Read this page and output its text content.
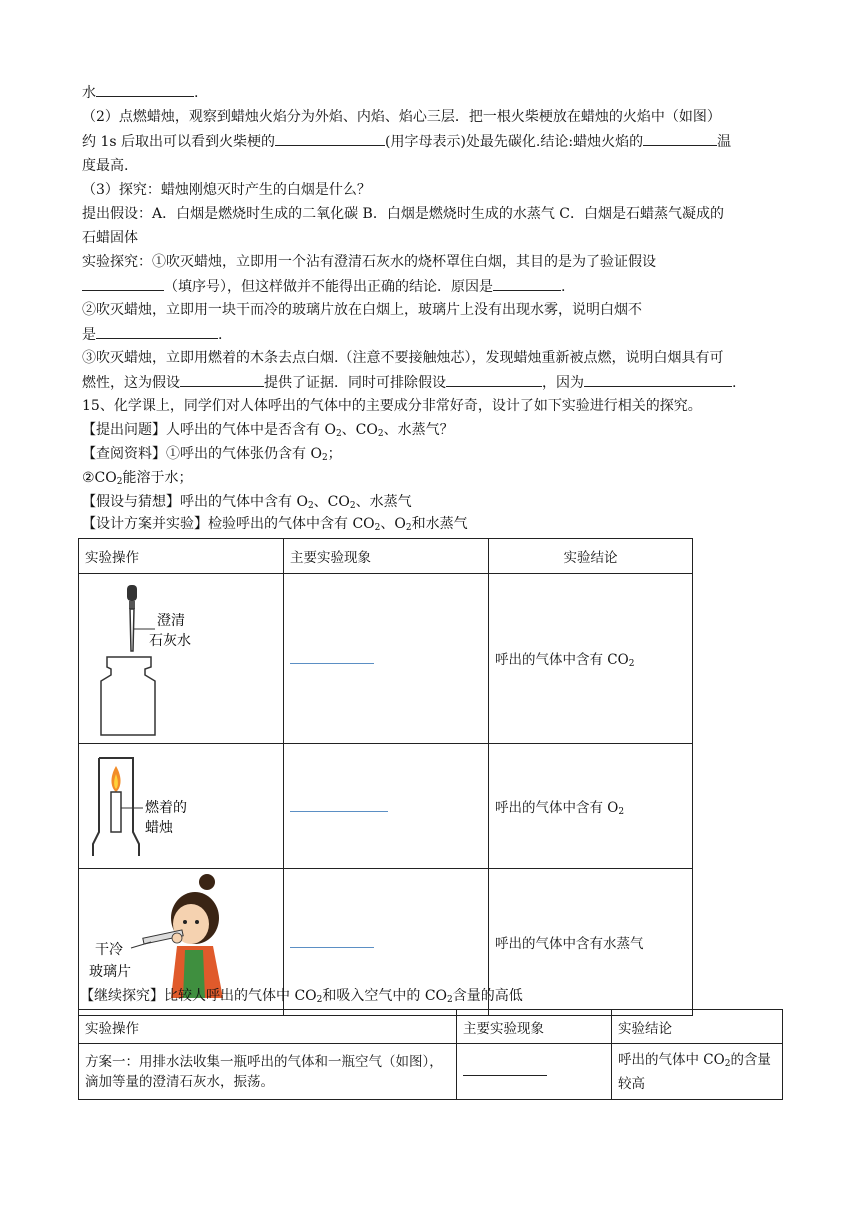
水	.
（2）点燃蜡烛，观察到蜡烛火焰分为外焰、内焰、焰心三层．把一根火柴梗放在蜡烛的火焰中（如图）
约 1s 后取出可以看到火柴梗的	(用字母表示)处最先碳化.结论:蜡烛火焰的	温
度最高.
（3）探究：蜡烛刚熄灭时产生的白烟是什么？
提出假设：A．白烟是燃烧时生成的二氧化碳 B．白烟是燃烧时生成的水蒸气 C．白烟是石蜡蒸气凝成的
石蜡固体
实验探究：①吹灭蜡烛，立即用一个沾有澄清石灰水的烧杯罩住白烟，其目的是为了验证假设
（填序号），但这样做并不能得出正确的结论．原因是	.
②吹灭蜡烛，立即用一块干而冷的玻璃片放在白烟上，玻璃片上没有出现水雾，说明白烟不
是	.
③吹灭蜡烛，立即用燃着的木条去点白烟.（注意不要接触烛芯），发现蜡烛重新被点燃，说明白烟具有可
燃性，这为假设	提供了证据．同时可排除假设	，因为	.
15、化学课上，同学们对人体呼出的气体中的主要成分非常好奇，设计了如下实验进行相关的探究。
【提出问题】人呼出的气体中是否含有 $O_2$、$CO_2$、水蒸气？
【查阅资料】①呼出的气体张仍含有 $O_2$；
$②CO_2$能溶于水；
【假设与猜想】呼出的气体中含有 $O_2$、$CO_2$、水蒸气
【设计方案并实验】检验呼出的气体中含有 $CO_2$、$O_2$和水蒸气
实验操作	主要实验现象	实验结论

澄清
石灰水		呼出的气体中含有 $CO_2$

燃着的
蜡烛		呼出的气体中含有 $O_2$

干冷
玻璃片		呼出的气体中含有水蒸气
【继续探究】比较人呼出的气体中 $CO_2$和吸入空气中的 $CO_2$含量的高低
实验操作	主要实验现象	实验结论
方案一：用排水法收集一瓶呼出的气体和一瓶空气（如图），滴加等量的澄清石灰水，振荡。		呼出的气体中 $CO_2$的含量较高
